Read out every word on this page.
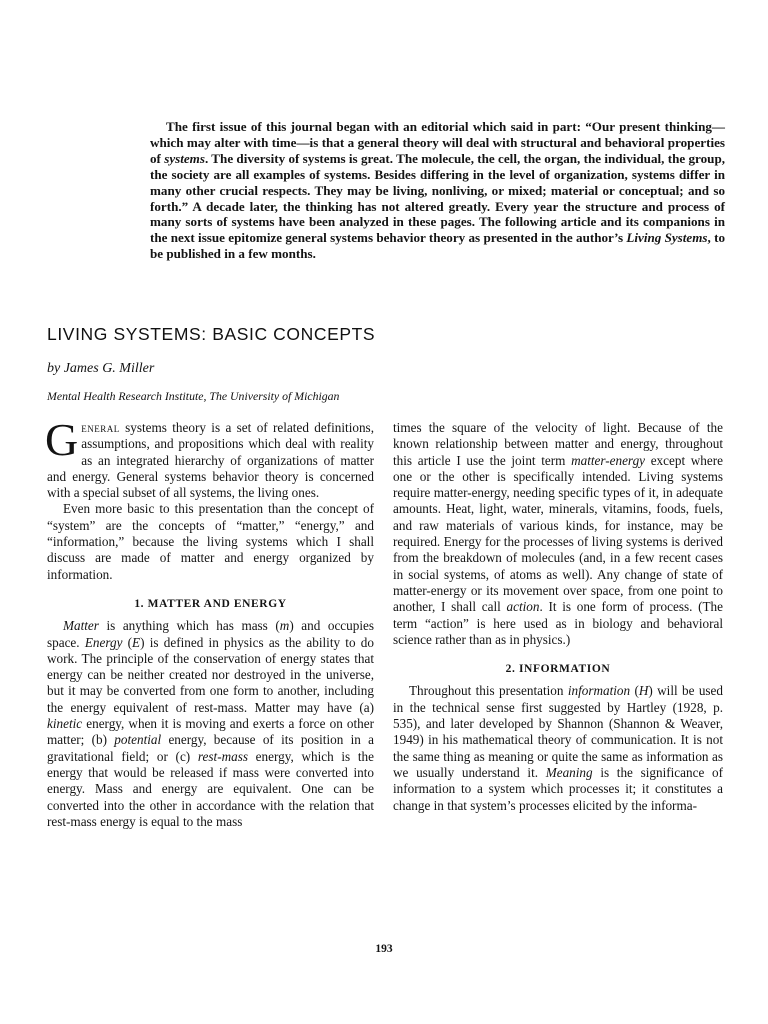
The first issue of this journal began with an editorial which said in part: “Our present thinking—which may alter with time—is that a general theory will deal with structural and behavioral properties of systems. The diversity of systems is great. The molecule, the cell, the organ, the individual, the group, the society are all examples of systems. Besides differing in the level of organization, systems differ in many other crucial respects. They may be living, nonliving, or mixed; material or conceptual; and so forth.” A decade later, the thinking has not altered greatly. Every year the structure and process of many sorts of systems have been analyzed in these pages. The following article and its companions in the next issue epitomize general systems behavior theory as presented in the author’s Living Systems, to be published in a few months.

LIVING SYSTEMS: BASIC CONCEPTS

by James G. Miller

Mental Health Research Institute, The University of Michigan

General systems theory is a set of related definitions, assumptions, and propositions which deal with reality as an integrated hierarchy of organizations of matter and energy. General systems behavior theory is concerned with a special subset of all systems, the living ones.

Even more basic to this presentation than the concept of “system” are the concepts of “matter,” “energy,” and “information,” because the living systems which I shall discuss are made of matter and energy organized by information.

1. MATTER AND ENERGY

Matter is anything which has mass (m) and occupies space. Energy (E) is defined in physics as the ability to do work. The principle of the conservation of energy states that energy can be neither created nor destroyed in the universe, but it may be converted from one form to another, including the energy equivalent of rest-mass. Matter may have (a) kinetic energy, when it is moving and exerts a force on other matter; (b) potential energy, because of its position in a gravitational field; or (c) rest-mass energy, which is the energy that would be released if mass were converted into energy. Mass and energy are equivalent. One can be converted into the other in accordance with the relation that rest-mass energy is equal to the mass

times the square of the velocity of light. Because of the known relationship between matter and energy, throughout this article I use the joint term matter-energy except where one or the other is specifically intended. Living systems require matter-energy, needing specific types of it, in adequate amounts. Heat, light, water, minerals, vitamins, foods, fuels, and raw materials of various kinds, for instance, may be required. Energy for the processes of living systems is derived from the breakdown of molecules (and, in a few recent cases in social systems, of atoms as well). Any change of state of matter-energy or its movement over space, from one point to another, I shall call action. It is one form of process. (The term “action” is here used as in biology and behavioral science rather than as in physics.)

2. INFORMATION

Throughout this presentation information (H) will be used in the technical sense first suggested by Hartley (1928, p. 535), and later developed by Shannon (Shannon & Weaver, 1949) in his mathematical theory of communication. It is not the same thing as meaning or quite the same as information as we usually understand it. Meaning is the significance of information to a system which processes it; it constitutes a change in that system’s processes elicited by the informa-

193
